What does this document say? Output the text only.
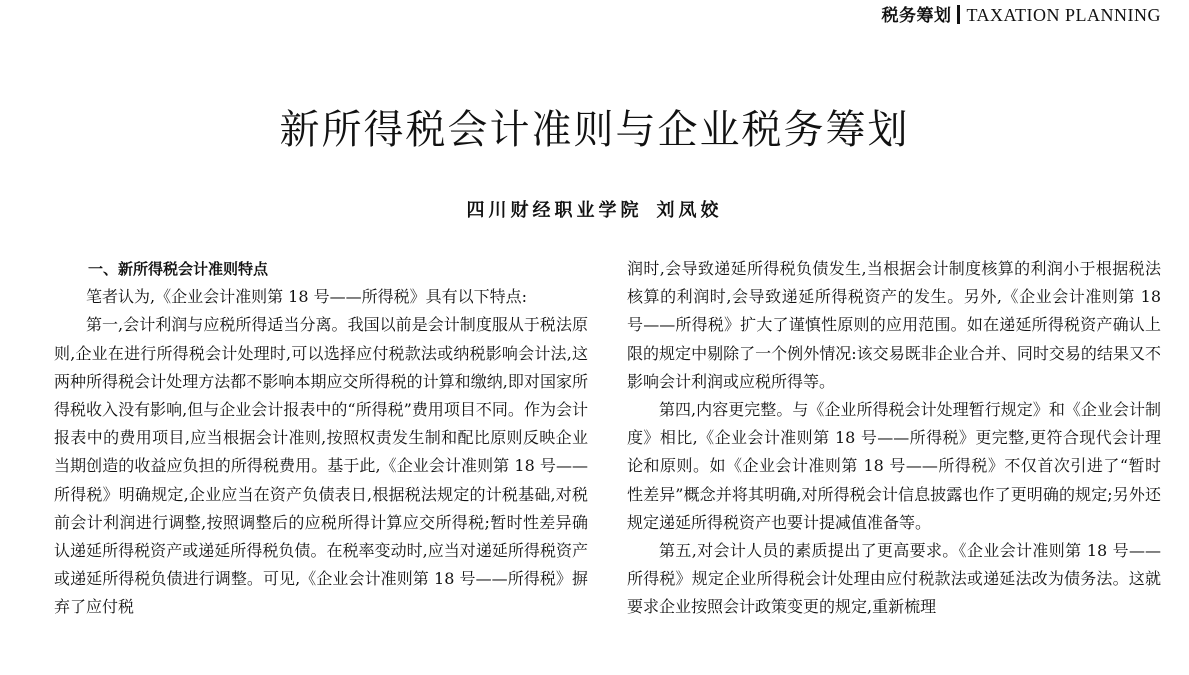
税务筹划 TAXATION PLANNING
新所得税会计准则与企业税务筹划
四川财经职业学院 刘凤姣
一、新所得税会计准则特点

笔者认为,《企业会计准则第 18 号——所得税》具有以下特点:

第一,会计利润与应税所得适当分离。我国以前是会计制度服从于税法原则,企业在进行所得税会计处理时,可以选择应付税款法或纳税影响会计法,这两种所得税会计处理方法都不影响本期应交所得税的计算和缴纳,即对国家所得税收入没有影响,但与企业会计报表中的“所得税”费用项目不同。作为会计报表中的费用项目,应当根据会计准则,按照权责发生制和配比原则反映企业当期创造的收益应负担的所得税费用。基于此,《企业会计准则第 18 号——所得税》明确规定,企业应当在资产负债表日,根据税法规定的计税基础,对税前会计利润进行调整,按照调整后的应税所得计算应交所得税;暂时性差异确认递延所得税资产或递延所得税负债。在税率变动时,应当对递延所得税资产或递延所得税负债进行调整。可见,《企业会计准则第 18 号——所得税》摒弃了应付税

润时,会导致递延所得税负债发生,当根据会计制度核算的利润小于根据税法核算的利润时,会导致递延所得税资产的发生。另外,《企业会计准则第 18 号——所得税》扩大了谨慎性原则的应用范围。如在递延所得税资产确认上限的规定中剔除了一个例外情况:该交易既非企业合并、同时交易的结果又不影响会计利润或应税所得等。

第四,内容更完整。与《企业所得税会计处理暂行规定》和《企业会计制度》相比,《企业会计准则第 18 号——所得税》更完整,更符合现代会计理论和原则。如《企业会计准则第 18 号——所得税》不仅首次引进了“暂时性差异”概念并将其明确,对所得税会计信息披露也作了更明确的规定;另外还规定递延所得税资产也要计提减值准备等。

第五,对会计人员的素质提出了更高要求。《企业会计准则第 18 号——所得税》规定企业所得税会计处理由应付税款法或递延法改为债务法。这就要求企业按照会计政策变更的规定,重新梳理
